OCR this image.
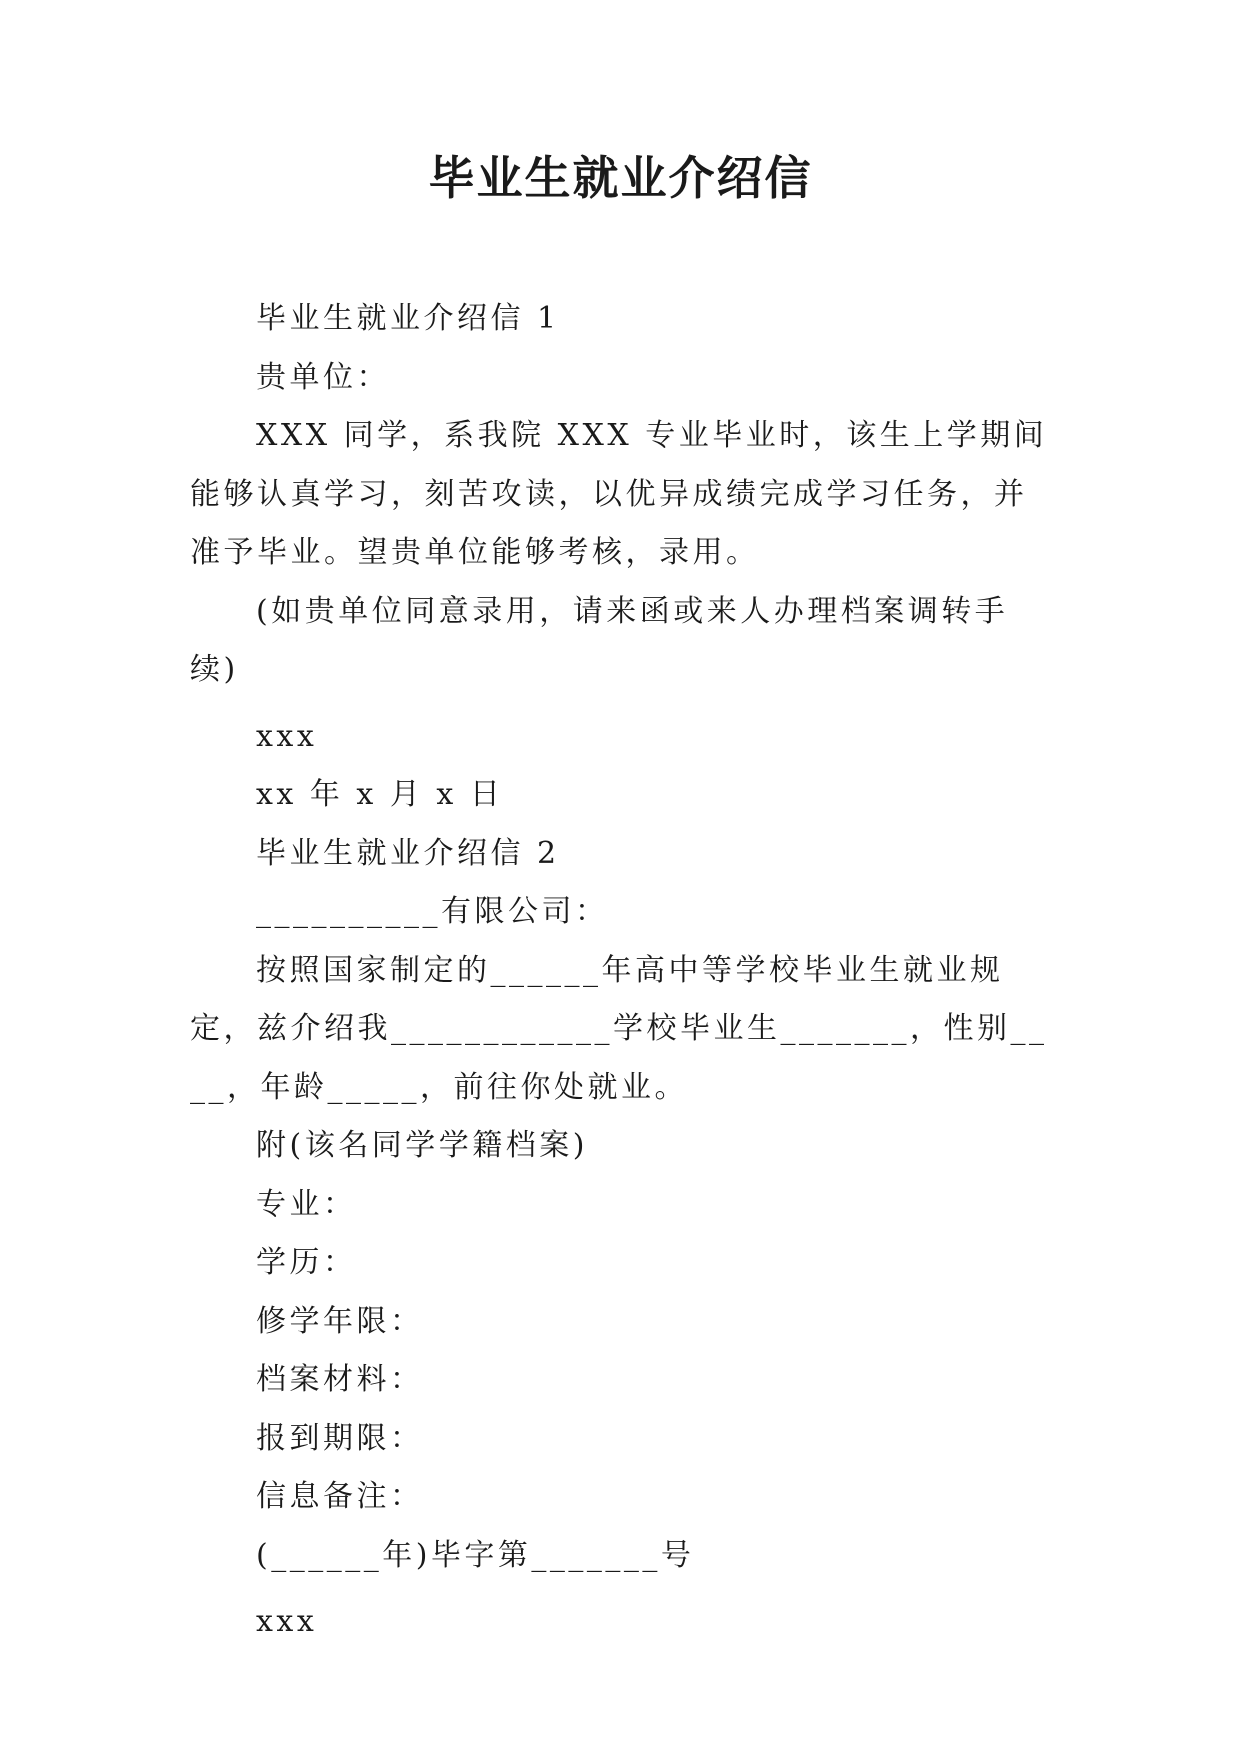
毕业生就业介绍信

毕业生就业介绍信 1

贵单位：

XXX 同学，系我院 XXX 专业毕业时，该生上学期间能够认真学习，刻苦攻读，以优异成绩完成学习任务，并准予毕业。望贵单位能够考核，录用。

(如贵单位同意录用，请来函或来人办理档案调转手续)

xxx

xx 年 x 月 x 日

毕业生就业介绍信 2

__________有限公司：

按照国家制定的______年高中等学校毕业生就业规定，兹介绍我____________学校毕业生_______，性别____，年龄_____，前往你处就业。

附(该名同学学籍档案)

专业：

学历：

修学年限：

档案材料：

报到期限：

信息备注：

(______年)毕字第_______号

xxx
